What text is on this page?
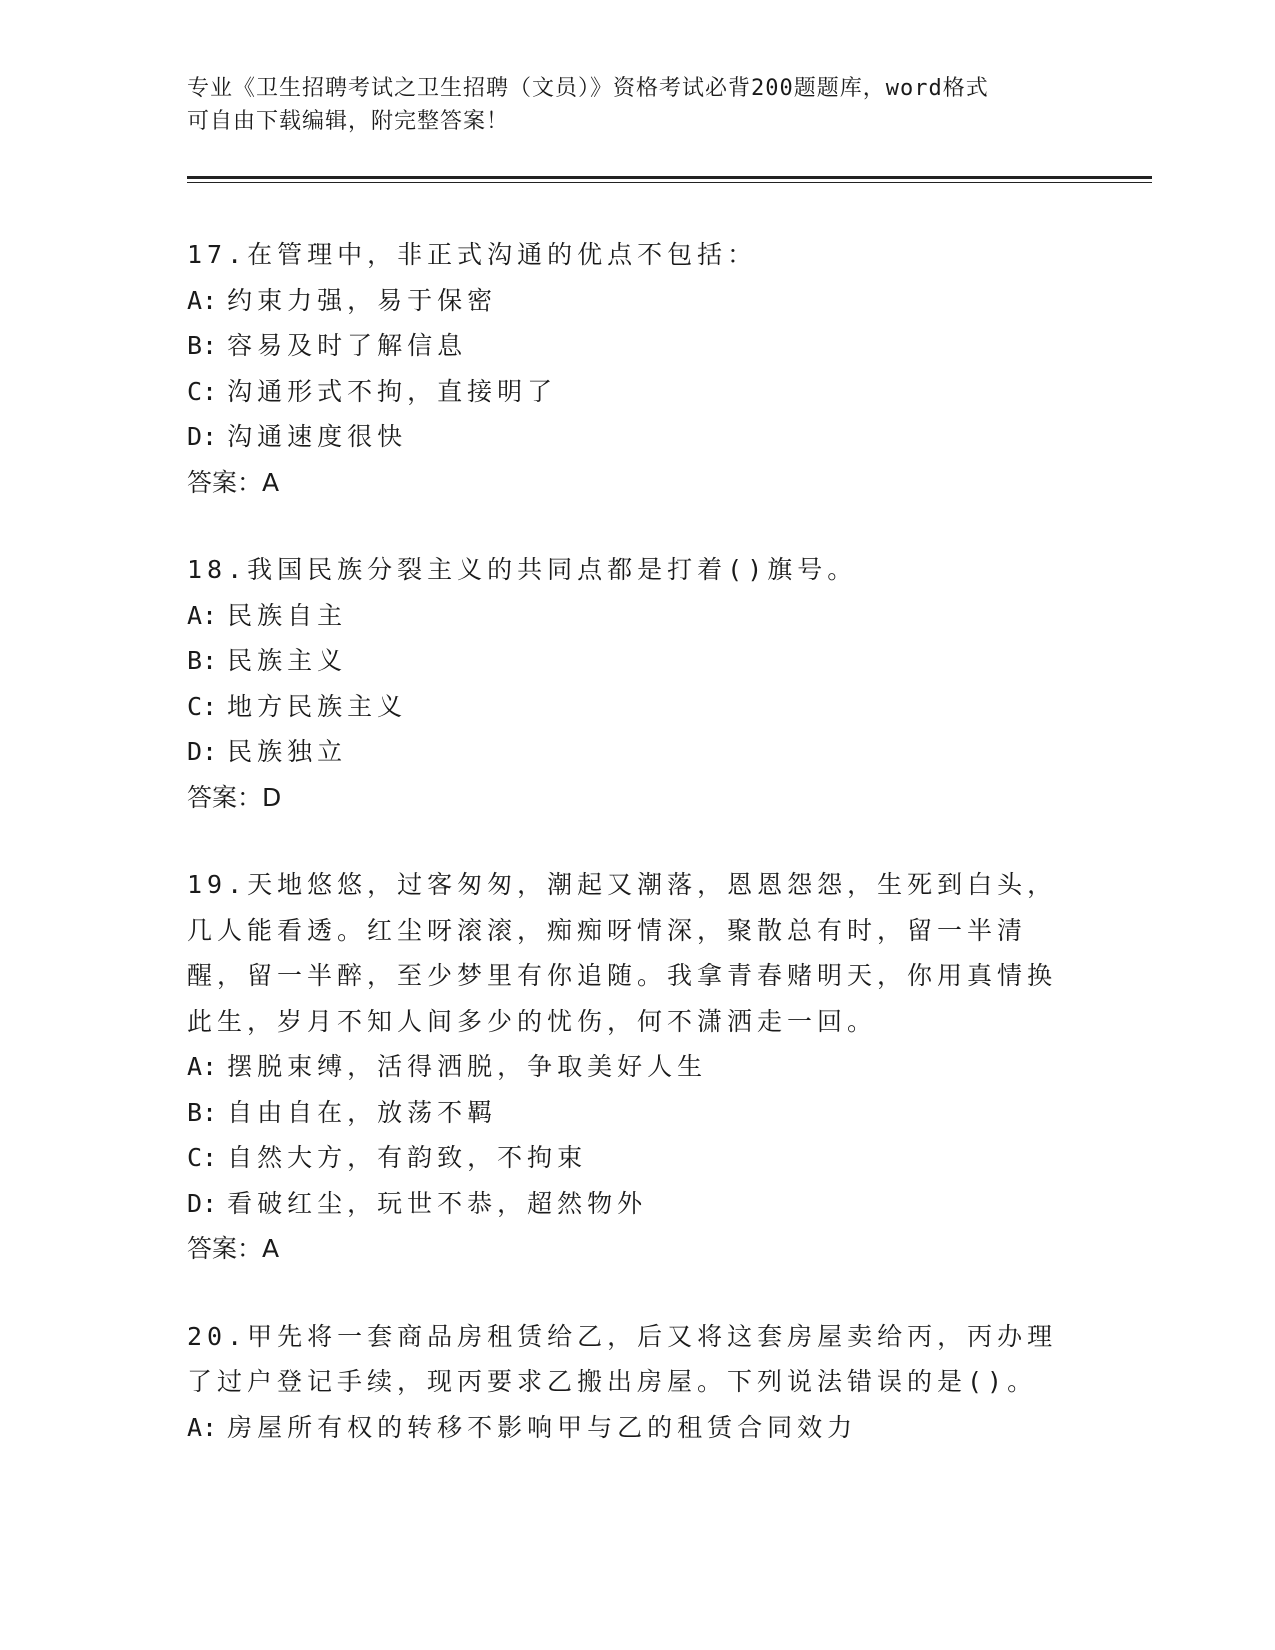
专业《卫生招聘考试之卫生招聘（文员）》资格考试必背200题题库，word格式

可自由下载编辑，附完整答案！

17.在管理中，非正式沟通的优点不包括：

A: 约束力强，易于保密

B: 容易及时了解信息

C: 沟通形式不拘，直接明了

D: 沟通速度很快

答案：A

18.我国民族分裂主义的共同点都是打着()旗号。

A: 民族自主

B: 民族主义

C: 地方民族主义

D: 民族独立

答案：D

19.天地悠悠，过客匆匆，潮起又潮落，恩恩怨怨，生死到白头，几人能看透。红尘呀滚滚，痴痴呀情深，聚散总有时，留一半清醒，留一半醉，至少梦里有你追随。我拿青春赌明天，你用真情换此生，岁月不知人间多少的忧伤，何不潇洒走一回。

A: 摆脱束缚，活得洒脱，争取美好人生

B: 自由自在，放荡不羁

C: 自然大方，有韵致，不拘束

D: 看破红尘，玩世不恭，超然物外

答案：A

20.甲先将一套商品房租赁给乙，后又将这套房屋卖给丙，丙办理了过户登记手续，现丙要求乙搬出房屋。下列说法错误的是()。

A: 房屋所有权的转移不影响甲与乙的租赁合同效力
